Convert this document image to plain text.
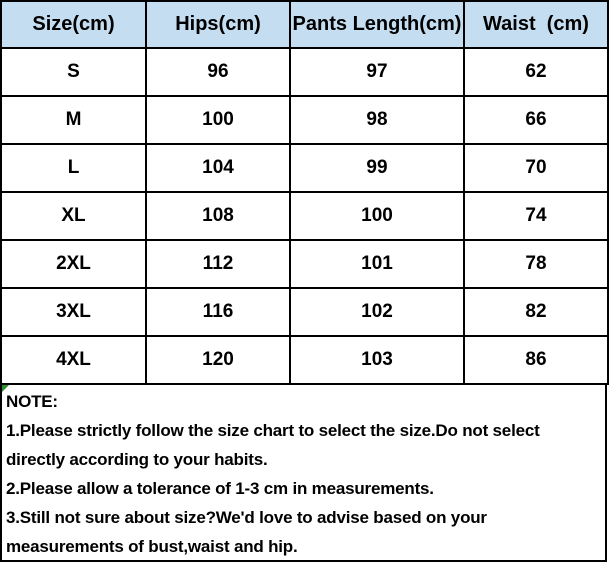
Size(cm)	Hips(cm)	Pants Length(cm)	Waist  (cm)
S	96	97	62
M	100	98	66
L	104	99	70
XL	108	100	74
2XL	112	101	78
3XL	116	102	82
4XL	120	103	86
NOTE:
1.Please strictly follow the size chart to select the size.Do not select
directly according to your habits.
2.Please allow a tolerance of 1-3 cm in measurements.
3.Still not sure about size?We'd love to advise based on your
measurements of bust,waist and hip.
